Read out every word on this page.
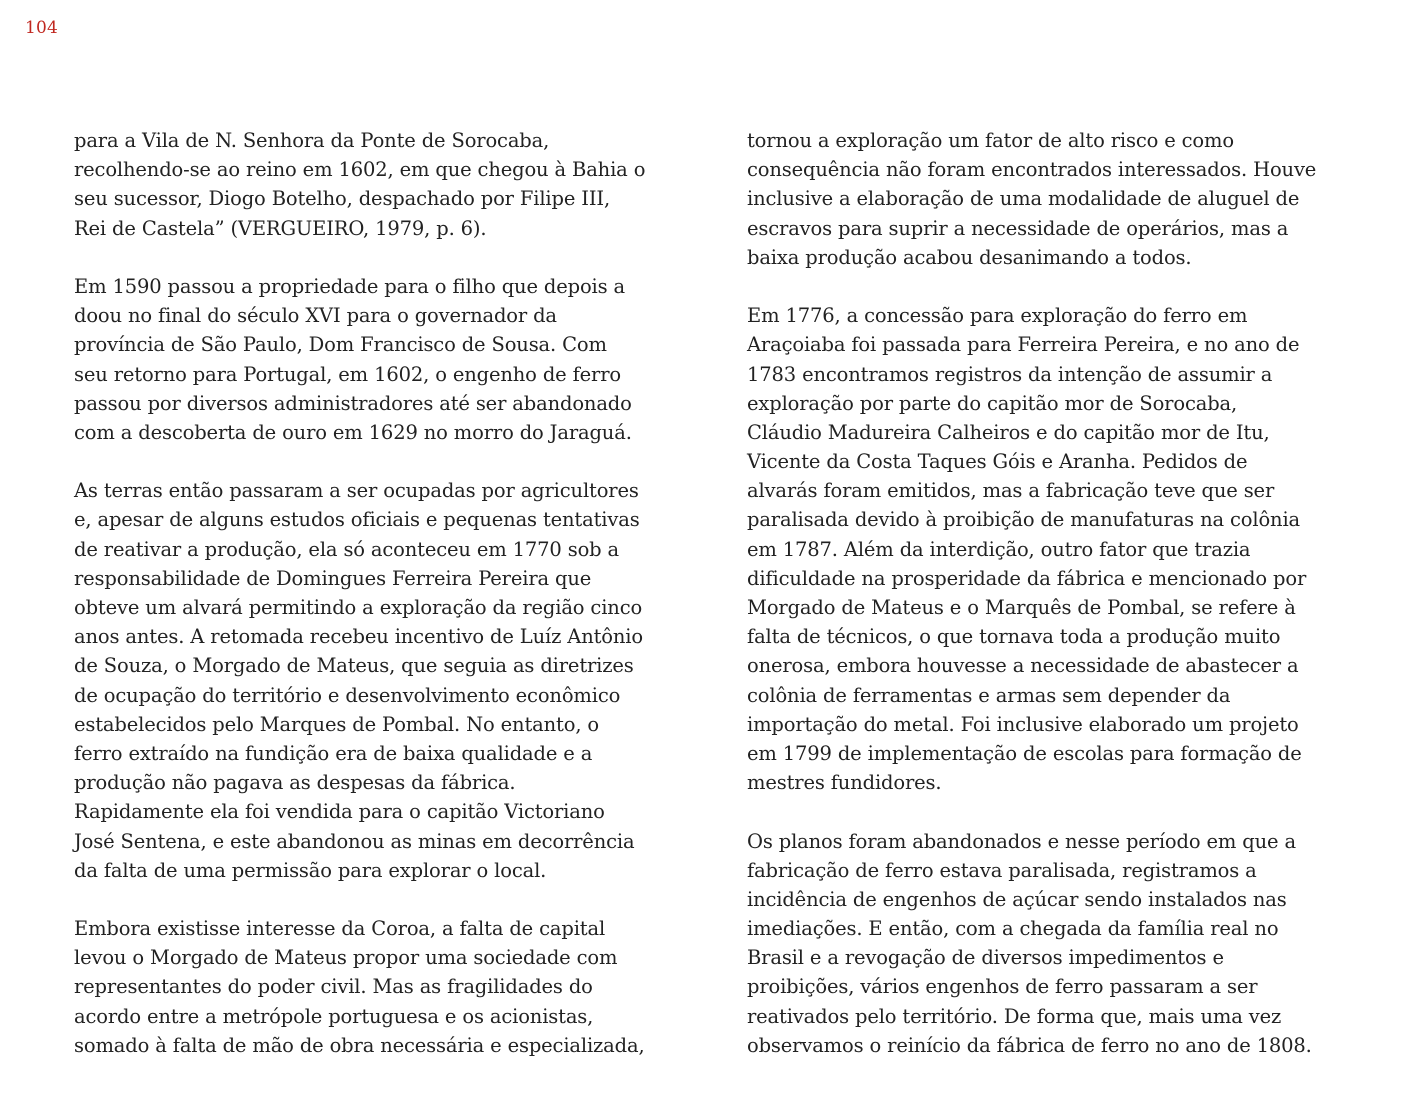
104
para a Vila de N. Senhora da Ponte de Sorocaba,
recolhendo-se ao reino em 1602, em que chegou à Bahia o
seu sucessor, Diogo Botelho, despachado por Filipe III,
Rei de Castela” (VERGUEIRO, 1979, p. 6).
Em 1590 passou a propriedade para o filho que depois a
doou no final do século XVI para o governador da
província de São Paulo, Dom Francisco de Sousa. Com
seu retorno para Portugal, em 1602, o engenho de ferro
passou por diversos administradores até ser abandonado
com a descoberta de ouro em 1629 no morro do Jaraguá.
As terras então passaram a ser ocupadas por agricultores
e, apesar de alguns estudos oficiais e pequenas tentativas
de reativar a produção, ela só aconteceu em 1770 sob a
responsabilidade de Domingues Ferreira Pereira que
obteve um alvará permitindo a exploração da região cinco
anos antes. A retomada recebeu incentivo de Luíz Antônio
de Souza, o Morgado de Mateus, que seguia as diretrizes
de ocupação do território e desenvolvimento econômico
estabelecidos pelo Marques de Pombal. No entanto, o
ferro extraído na fundição era de baixa qualidade e a
produção não pagava as despesas da fábrica.
Rapidamente ela foi vendida para o capitão Victoriano
José Sentena, e este abandonou as minas em decorrência
da falta de uma permissão para explorar o local.
Embora existisse interesse da Coroa, a falta de capital
levou o Morgado de Mateus propor uma sociedade com
representantes do poder civil. Mas as fragilidades do
acordo entre a metrópole portuguesa e os acionistas,
somado à falta de mão de obra necessária e especializada,
tornou a exploração um fator de alto risco e como
consequência não foram encontrados interessados. Houve
inclusive a elaboração de uma modalidade de aluguel de
escravos para suprir a necessidade de operários, mas a
baixa produção acabou desanimando a todos.
Em 1776, a concessão para exploração do ferro em
Araçoiaba foi passada para Ferreira Pereira, e no ano de
1783 encontramos registros da intenção de assumir a
exploração por parte do capitão mor de Sorocaba,
Cláudio Madureira Calheiros e do capitão mor de Itu,
Vicente da Costa Taques Góis e Aranha. Pedidos de
alvarás foram emitidos, mas a fabricação teve que ser
paralisada devido à proibição de manufaturas na colônia
em 1787. Além da interdição, outro fator que trazia
dificuldade na prosperidade da fábrica e mencionado por
Morgado de Mateus e o Marquês de Pombal, se refere à
falta de técnicos, o que tornava toda a produção muito
onerosa, embora houvesse a necessidade de abastecer a
colônia de ferramentas e armas sem depender da
importação do metal. Foi inclusive elaborado um projeto
em 1799 de implementação de escolas para formação de
mestres fundidores.
Os planos foram abandonados e nesse período em que a
fabricação de ferro estava paralisada, registramos a
incidência de engenhos de açúcar sendo instalados nas
imediações. E então, com a chegada da família real no
Brasil e a revogação de diversos impedimentos e
proibições, vários engenhos de ferro passaram a ser
reativados pelo território. De forma que, mais uma vez
observamos o reinício da fábrica de ferro no ano de 1808.
